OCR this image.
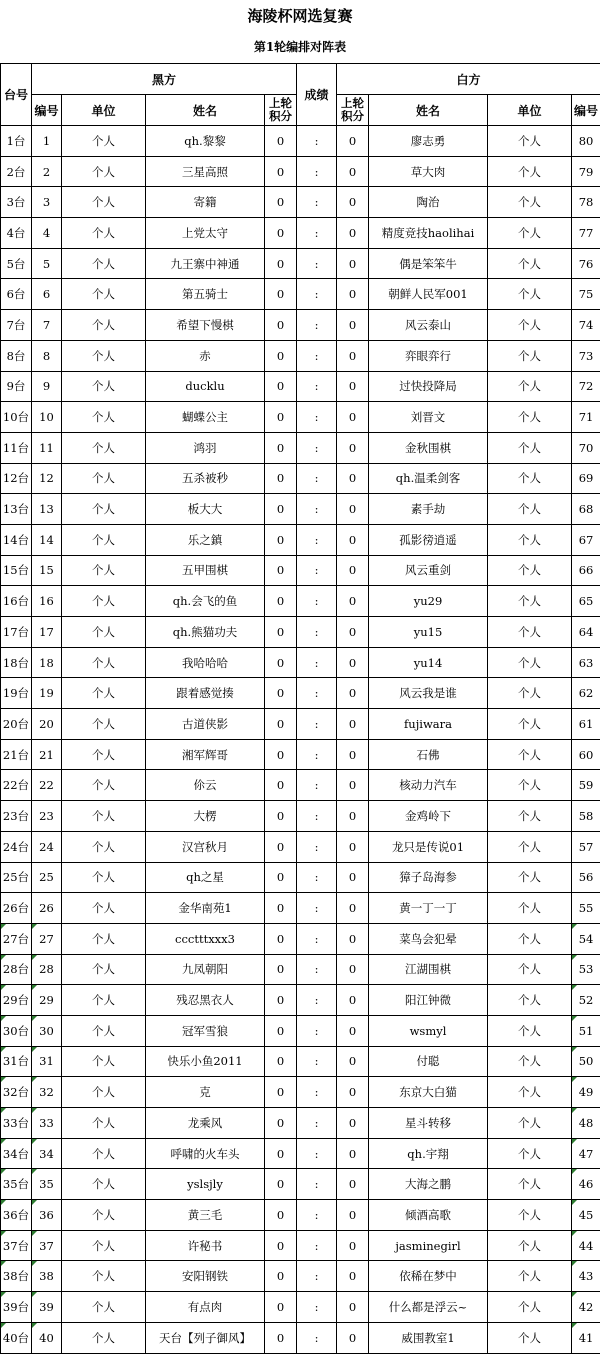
海陵杯网选复赛
第1轮编排对阵表
台号	黑方				成绩	白方			
	编号	单位	姓名	上轮积分		上轮积分	姓名	单位	编号
1台	1	个人	qh.黎黎	0	:	0	廖志勇	个人	80
2台	2	个人	三星高照	0	:	0	草大肉	个人	79
3台	3	个人	寄籍	0	:	0	陶治	个人	78
4台	4	个人	上党太守	0	:	0	精度竞技haolihai	个人	77
5台	5	个人	九王寨中神通	0	:	0	偶是笨笨牛	个人	76
6台	6	个人	第五骑士	0	:	0	朝鲜人民军001	个人	75
7台	7	个人	希望下慢棋	0	:	0	风云泰山	个人	74
8台	8	个人	赤	0	:	0	弈眼弈行	个人	73
9台	9	个人	ducklu	0	:	0	过快投降局	个人	72
10台	10	个人	蝴蝶公主	0	:	0	刘晋文	个人	71
11台	11	个人	鸿羽	0	:	0	金秋围棋	个人	70
12台	12	个人	五杀被秒	0	:	0	qh.温柔剑客	个人	69
13台	13	个人	板大大	0	:	0	素手劫	个人	68
14台	14	个人	乐之鎮	0	:	0	孤影徬逍遥	个人	67
15台	15	个人	五甲围棋	0	:	0	风云重剑	个人	66
16台	16	个人	qh.会飞的鱼	0	:	0	yu29	个人	65
17台	17	个人	qh.熊猫功夫	0	:	0	yu15	个人	64
18台	18	个人	我哈哈哈	0	:	0	yu14	个人	63
19台	19	个人	跟着感觉揍	0	:	0	风云我是谁	个人	62
20台	20	个人	古道侠影	0	:	0	fujiwara	个人	61
21台	21	个人	湘军辉哥	0	:	0	石佛	个人	60
22台	22	个人	伱云	0	:	0	核动力汽车	个人	59
23台	23	个人	大楞	0	:	0	金鸡岭下	个人	58
24台	24	个人	汉宫秋月	0	:	0	龙只是传说01	个人	57
25台	25	个人	qh之星	0	:	0	獐子岛海参	个人	56
26台	26	个人	金华南苑1	0	:	0	黄一丁一丁	个人	55
27台	27	个人	ccctttxxx3	0	:	0	菜鸟会犯晕	个人	54
28台	28	个人	九凤朝阳	0	:	0	江湖围棋	个人	53
29台	29	个人	残忍黑衣人	0	:	0	阳江钟微	个人	52
30台	30	个人	冠军雪狼	0	:	0	wsmyl	个人	51
31台	31	个人	快乐小鱼2011	0	:	0	付聪	个人	50
32台	32	个人	克	0	:	0	东京大白猫	个人	49
33台	33	个人	龙乘风	0	:	0	星斗转移	个人	48
34台	34	个人	呼啸的火车头	0	:	0	qh.宇翔	个人	47
35台	35	个人	yslsjly	0	:	0	大海之鹏	个人	46
36台	36	个人	黄三毛	0	:	0	倾酒高歌	个人	45
37台	37	个人	许秘书	0	:	0	jasminegirl	个人	44
38台	38	个人	安阳钢铁	0	:	0	依稀在梦中	个人	43
39台	39	个人	有点肉	0	:	0	什么都是浮云~	个人	42
40台	40	个人	天台【列子御风】	0	:	0	威围教室1	个人	41
